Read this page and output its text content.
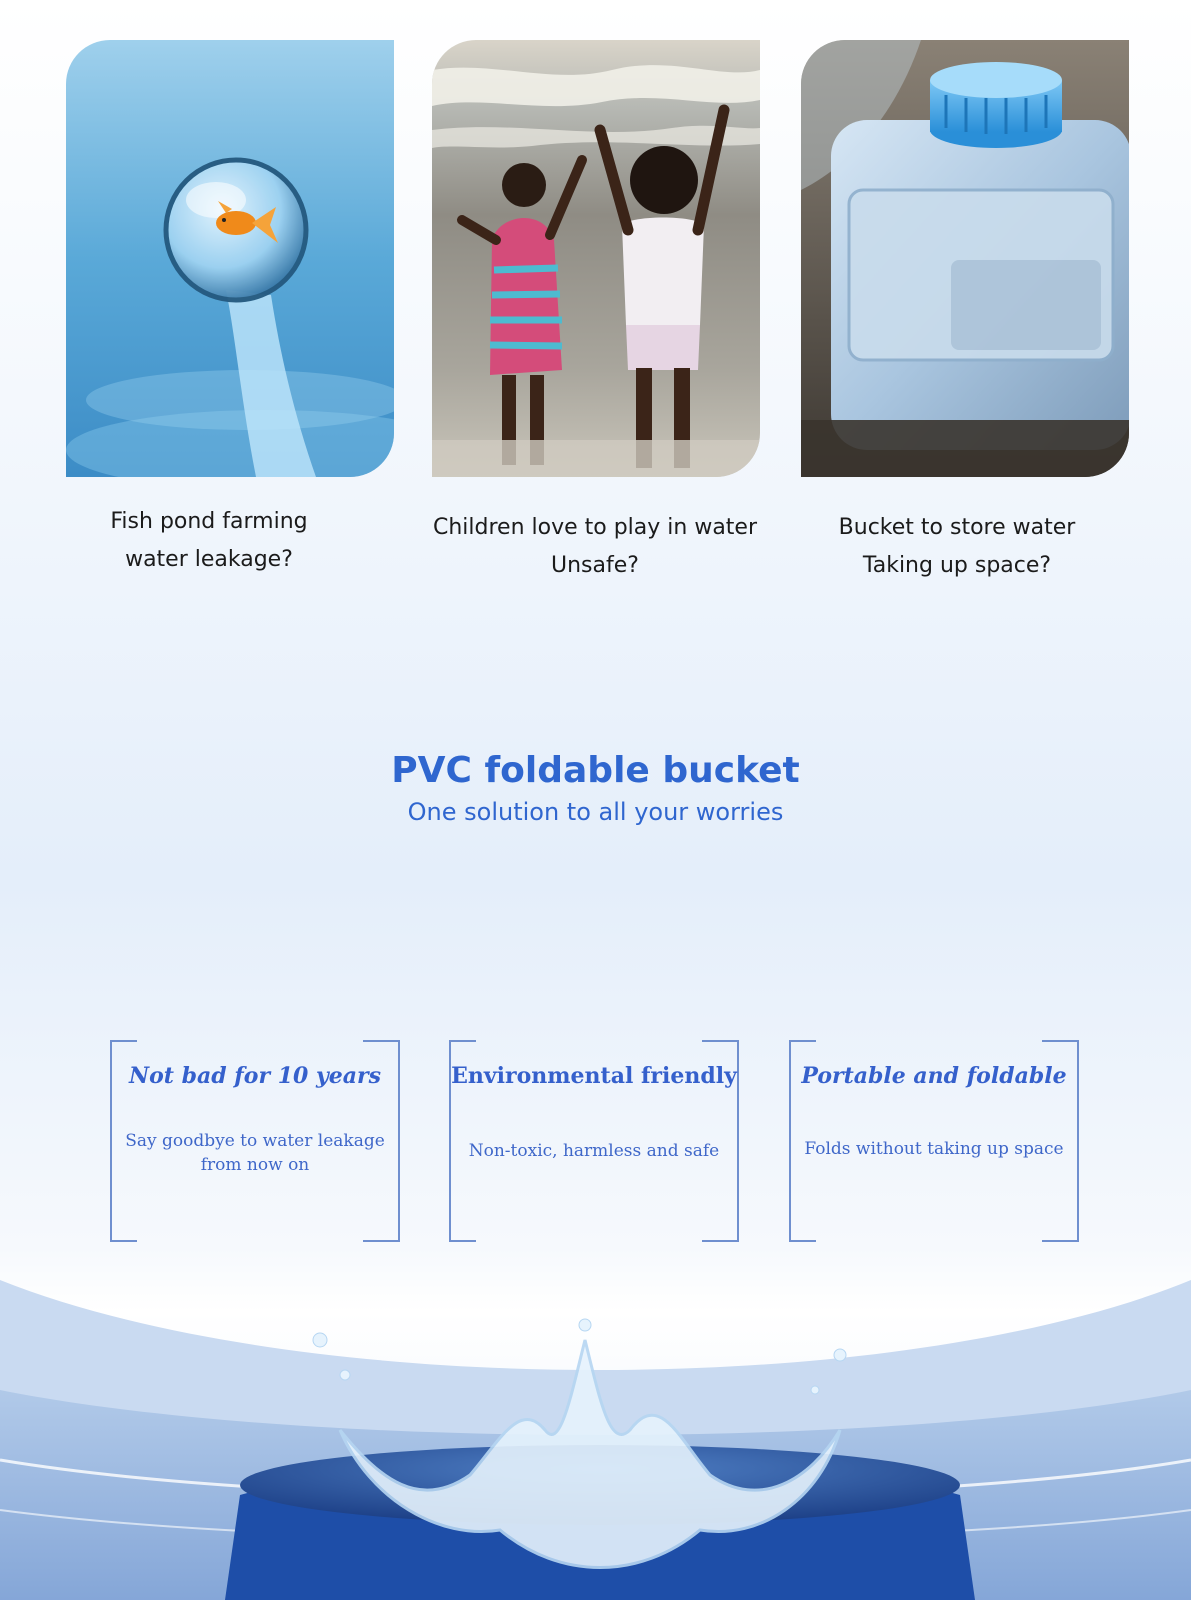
Fish pond farming
water leakage?
Children love to play in water
Unsafe?
Bucket to store water
Taking up space?
PVC foldable bucket
One solution to all your worries
Not bad for 10 years
Say goodbye to water leakage from now on
Environmental friendly
Non-toxic, harmless and safe
Portable and foldable
Folds without taking up space
